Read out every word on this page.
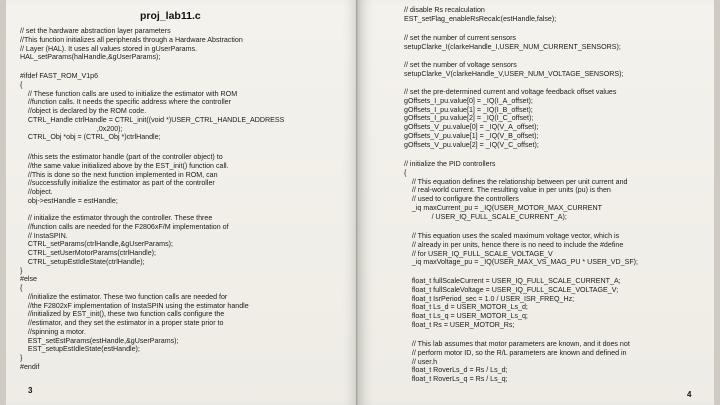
proj_lab11.c
// set the hardware abstraction layer parameters
//This function initializes all peripherals through a Hardware Abstraction
// Layer (HAL). It uses all values stored in gUserParams.
HAL_setParams(halHandle,&gUserParams);
#ifdef FAST_ROM_V1p6
{
// These function calls are used to initialize the estimator with ROM
//function calls. It needs the specific address where the controller
//object is declared by the ROM code.
CTRL_Handle ctrlHandle = CTRL_init((void *)USER_CTRL_HANDLE_ADDRESS
,0x200);
CTRL_Obj *obj = (CTRL_Obj *)ctrlHandle;
//this sets the estimator handle (part of the controller object) to
//the same value initialized above by the EST_init() function call.
//This is done so the next function implemented in ROM, can
//successfully initialize the estimator as part of the controller
//object.
obj->estHandle = estHandle;
// initialize the estimator through the controller. These three
//function calls are needed for the F2806xF/M implementation of
// InstaSPIN.
CTRL_setParams(ctrlHandle,&gUserParams);
CTRL_setUserMotorParams(ctrlHandle);
CTRL_setupEstIdleState(ctrlHandle);
}
#else
{
//initialize the estimator. These two function calls are needed for
//the F2802xF implementation of InstaSPIN using the estimator handle
//initialized by EST_init(), these two function calls configure the
//estimator, and they set the estimator in a proper state prior to
//spinning a motor.
EST_setEstParams(estHandle,&gUserParams);
EST_setupEstIdleState(estHandle);
}
#endif
3
// disable Rs recalculation
EST_setFlag_enableRsRecalc(estHandle,false);
// set the number of current sensors
setupClarke_I(clarkeHandle_I,USER_NUM_CURRENT_SENSORS);
// set the number of voltage sensors
setupClarke_V(clarkeHandle_V,USER_NUM_VOLTAGE_SENSORS);
// set the pre-determined current and voltage feedback offset values
gOffsets_I_pu.value[0] = _IQ(I_A_offset);
gOffsets_I_pu.value[1] = _IQ(I_B_offset);
gOffsets_I_pu.value[2] = _IQ(I_C_offset);
gOffsets_V_pu.value[0] = _IQ(V_A_offset);
gOffsets_V_pu.value[1] = _IQ(V_B_offset);
gOffsets_V_pu.value[2] = _IQ(V_C_offset);
// initialize the PID controllers
{
// This equation defines the relationship between per unit current and
// real-world current. The resulting value in per units (pu) is then
// used to configure the controllers
_iq maxCurrent_pu = _IQ(USER_MOTOR_MAX_CURRENT
/ USER_IQ_FULL_SCALE_CURRENT_A);
// This equation uses the scaled maximum voltage vector, which is
// already in per units, hence there is no need to include the #define
// for USER_IQ_FULL_SCALE_VOLTAGE_V
_iq maxVoltage_pu = _IQ(USER_MAX_VS_MAG_PU * USER_VD_SF);
float_t fullScaleCurrent = USER_IQ_FULL_SCALE_CURRENT_A;
float_t fullScaleVoltage = USER_IQ_FULL_SCALE_VOLTAGE_V;
float_t IsrPeriod_sec = 1.0 / USER_ISR_FREQ_Hz;
float_t Ls_d = USER_MOTOR_Ls_d;
float_t Ls_q = USER_MOTOR_Ls_q;
float_t Rs = USER_MOTOR_Rs;
// This lab assumes that motor parameters are known, and it does not
// perform motor ID, so the R/L parameters are known and defined in
// user.h
float_t RoverLs_d = Rs / Ls_d;
float_t RoverLs_q = Rs / Ls_q;
4
